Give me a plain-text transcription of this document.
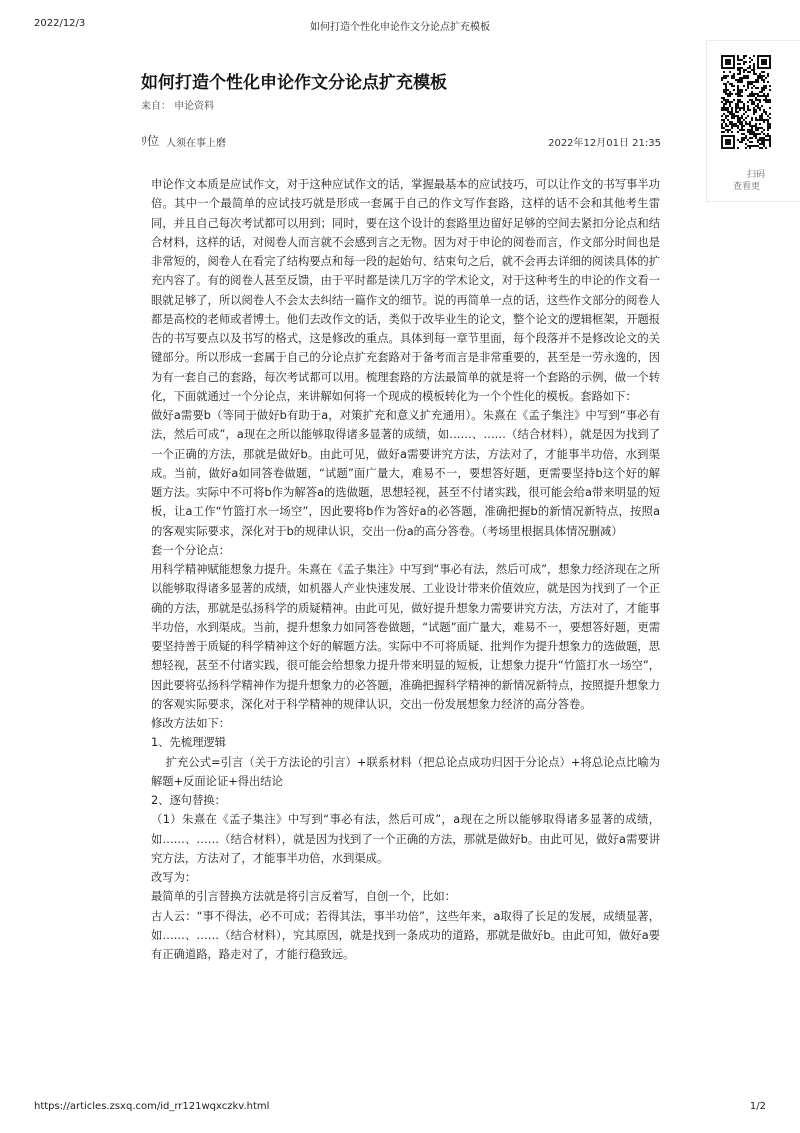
2022/12/3	如何打造个性化申论作文分论点扩充模板
扫码
查看更
如何打造个性化申论作文分论点扩充模板
来自： 申论资料
ﾘ位 人须在事上磨	2022年12月01日 21:35

申论作文本质是应试作文，对于这种应试作文的话，掌握最基本的应试技巧，可以让作文的书写事半功倍。其中一个最简单的应试技巧就是形成一套属于自己的作文写作套路，这样的话不会和其他考生雷同，并且自己每次考试都可以用到；同时，要在这个设计的套路里边留好足够的空间去紧扣分论点和结合材料，这样的话，对阅卷人而言就不会感到言之无物。因为对于申论的阅卷而言，作文部分时间也是非常短的，阅卷人在看完了结构要点和每一段的起始句、结束句之后，就不会再去详细的阅读具体的扩充内容了。有的阅卷人甚至反馈，由于平时都是读几万字的学术论文，对于这种考生的申论的作文看一眼就足够了，所以阅卷人不会太去纠结一篇作文的细节。说的再简单一点的话，这些作文部分的阅卷人都是高校的老师或者博士。他们去改作文的话，类似于改毕业生的论文，整个论文的逻辑框架，开题报告的书写要点以及书写的格式，这是修改的重点。具体到每一章节里面，每个段落并不是修改论文的关键部分。所以形成一套属于自己的分论点扩充套路对于备考而言是非常重要的，甚至是一劳永逸的，因为有一套自己的套路，每次考试都可以用。梳理套路的方法最简单的就是将一个套路的示例，做一个转化，下面就通过一个分论点，来讲解如何将一个现成的模板转化为一个个性化的模板。套路如下：

做好a需要b（等同于做好b有助于a，对策扩充和意义扩充通用）。朱熹在《孟子集注》中写到“事必有法，然后可成”，a现在之所以能够取得诸多显著的成绩，如……、……（结合材料），就是因为找到了一个正确的方法，那就是做好b。由此可见，做好a需要讲究方法，方法对了，才能事半功倍，水到渠成。当前，做好a如同答卷做题，“试题”面广量大，难易不一，要想答好题，更需要坚持b这个好的解题方法。实际中不可将b作为解答a的选做题，思想轻视，甚至不付诸实践，很可能会给a带来明显的短板，让a工作“竹篮打水一场空”，因此要将b作为答好a的必答题，准确把握b的新情况新特点，按照a的客观实际要求，深化对于b的规律认识，交出一份a的高分答卷。（考场里根据具体情况删减）

套一个分论点：

用科学精神赋能想象力提升。朱熹在《孟子集注》中写到“事必有法，然后可成”，想象力经济现在之所以能够取得诸多显著的成绩，如机器人产业快速发展、工业设计带来价值效应，就是因为找到了一个正确的方法，那就是弘扬科学的质疑精神。由此可见，做好提升想象力需要讲究方法，方法对了，才能事半功倍，水到渠成。当前，提升想象力如同答卷做题，“试题”面广量大，难易不一，要想答好题，更需要坚持善于质疑的科学精神这个好的解题方法。实际中不可将质疑、批判作为提升想象力的选做题，思想轻视，甚至不付诸实践，很可能会给想象力提升带来明显的短板，让想象力提升“竹篮打水一场空”，因此要将弘扬科学精神作为提升想象力的必答题，准确把握科学精神的新情况新特点，按照提升想象力的客观实际要求，深化对于科学精神的规律认识，交出一份发展想象力经济的高分答卷。

修改方法如下：

1、先梳理逻辑

扩充公式=引言（关于方法论的引言）+联系材料（把总论点成功归因于分论点）+将总论点比喻为解题+反面论证+得出结论

2、逐句替换：

（1）朱熹在《孟子集注》中写到“事必有法，然后可成”，a现在之所以能够取得诸多显著的成绩，如……、……（结合材料），就是因为找到了一个正确的方法，那就是做好b。由此可见，做好a需要讲究方法，方法对了，才能事半功倍，水到渠成。

改写为：

最简单的引言替换方法就是将引言反着写，自创一个，比如：

古人云：“事不得法，必不可成；若得其法，事半功倍”，这些年来，a取得了长足的发展，成绩显著，如……、……（结合材料），究其原因，就是找到一条成功的道路，那就是做好b。由此可知，做好a要有正确道路，路走对了，才能行稳致远。

https://articles.zsxq.com/id_rr121wqxczkv.html	1/2
